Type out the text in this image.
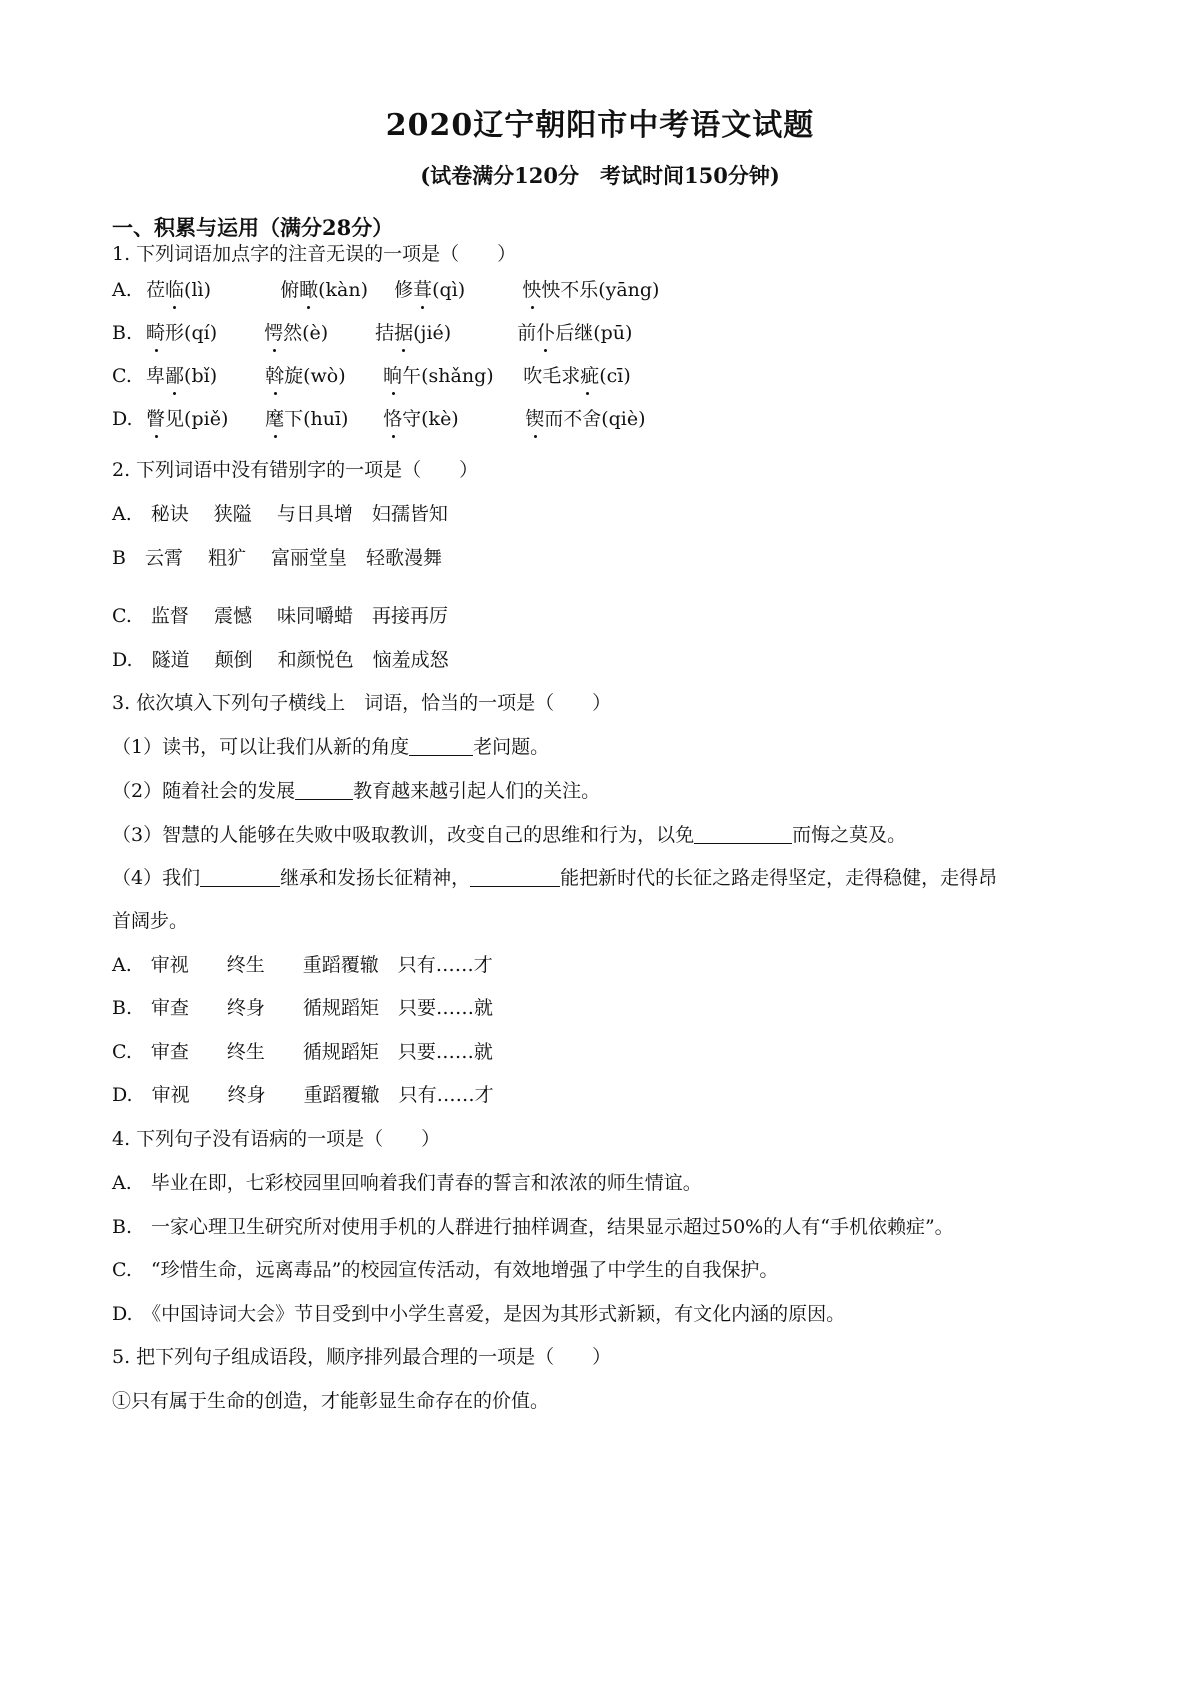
2020辽宁朝阳市中考语文试题
(试卷满分120分　考试时间150分钟)
一、积累与运用（满分28分）
1. 下列词语加点字的注音无误的一项是（　　）
A. 莅临(lì)	俯瞰(kàn) 修葺(qì)	怏怏不乐(yāng)
B. 畸形(qí) 愕然(è) 拮据(jié)	前仆后继(pū)
C. 卑鄙(bǐ)	斡旋(wò) 晌午(shǎng) 吹毛求疵(cī)
D. 瞥见(piě) 麾下(huī) 恪守(kè)	锲而不舍(qiè)
2. 下列词语中没有错别字的一项是（　　）
A.　秘诀　 狭隘　 与日具增　妇孺皆知
B　云霄　 粗犷　 富丽堂皇　轻歌漫舞
C.　监督　 震憾　 味同嚼蜡　再接再厉
D.　隧道　 颠倒　 和颜悦色　恼羞成怒
3. 依次填入下列句子横线上　词语，恰当的一项是（　　）
（1）读书，可以让我们从新的角度	老问题。
（2）随着社会的发展	教育越来越引起人们的关注。
（3）智慧的人能够在失败中吸取教训，改变自己的思维和行为，以免	而悔之莫及。
（4）我们	继承和发扬长征精神，	能把新时代的长征之路走得坚定，走得稳健，走得昂
首阔步。
A.　审视　　终生　　重蹈覆辙　只有……才
B.　审查　　终身　　循规蹈矩　只要……就
C.　审查　　终生　　循规蹈矩　只要……就
D.　审视　　终身　　重蹈覆辙　只有……才
4. 下列句子没有语病的一项是（　　）
A.　毕业在即，七彩校园里回响着我们青春的誓言和浓浓的师生情谊。
B.　一家心理卫生研究所对使用手机的人群进行抽样调查，结果显示超过50%的人有“手机依赖症”。
C.　“珍惜生命，远离毒品”的校园宣传活动，有效地增强了中学生的自我保护。
D.　《中国诗词大会》节目受到中小学生喜爱，是因为其形式新颖，有文化内涵的原因。
5. 把下列句子组成语段，顺序排列最合理的一项是（　　）
①只有属于生命的创造，才能彰显生命存在的价值。
